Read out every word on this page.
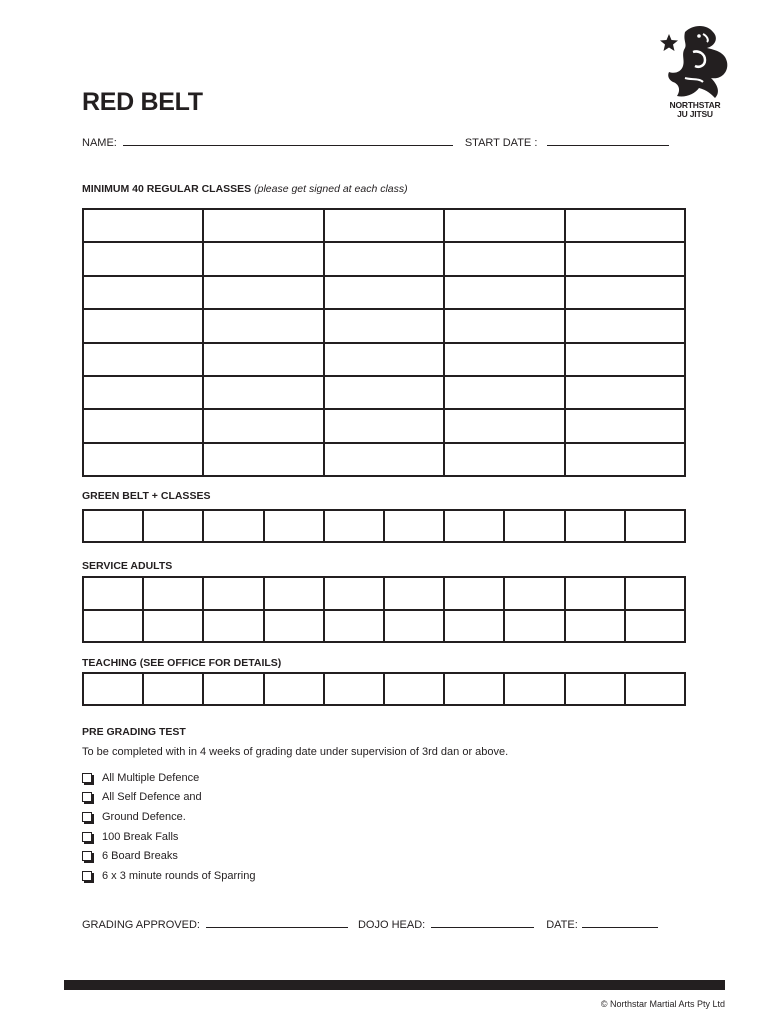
RED BELT	NORTHSTAR
JU JITSU
NAME:	START DATE :
MINIMUM 40 REGULAR CLASSES (please get signed at each class)

GREEN BELT + CLASSES

SERVICE ADULTS

TEACHING (SEE OFFICE FOR DETAILS)

PRE GRADING TEST
To be completed with in 4 weeks of grading date under supervision of 3rd dan or above.
All Multiple Defence
All Self Defence and
Ground Defence.
100 Break Falls
6 Board Breaks
6 x 3 minute rounds of Sparring
GRADING APPROVED:	DOJO HEAD:	DATE:
© Northstar Martial Arts Pty Ltd
